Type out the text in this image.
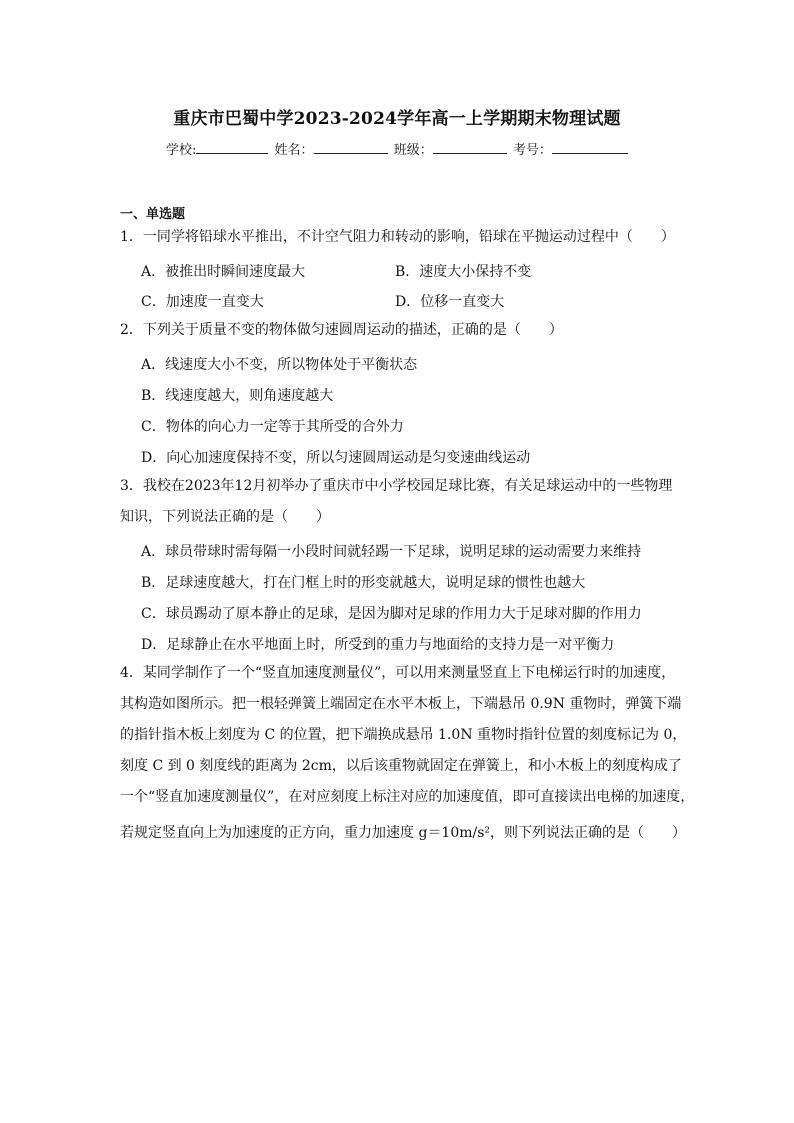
重庆市巴蜀中学2023-2024学年高一上学期期末物理试题
学校:	姓名：	班级：	考号：
一、单选题
1．一同学将铅球水平推出，不计空气阻力和转动的影响，铅球在平抛运动过程中（　　）
A．被推出时瞬间速度最大	B．速度大小保持不变
C．加速度一直变大	D．位移一直变大
2．下列关于质量不变的物体做匀速圆周运动的描述，正确的是（　　）
A．线速度大小不变，所以物体处于平衡状态
B．线速度越大，则角速度越大
C．物体的向心力一定等于其所受的合外力
D．向心加速度保持不变，所以匀速圆周运动是匀变速曲线运动
3．我校在2023年12月初举办了重庆市中小学校园足球比赛，有关足球运动中的一些物理
知识，下列说法正确的是（　　）
A．球员带球时需每隔一小段时间就轻踢一下足球，说明足球的运动需要力来维持
B．足球速度越大，打在门框上时的形变就越大，说明足球的惯性也越大
C．球员踢动了原本静止的足球，是因为脚对足球的作用力大于足球对脚的作用力
D．足球静止在水平地面上时，所受到的重力与地面给的支持力是一对平衡力
4．某同学制作了一个“竖直加速度测量仪”，可以用来测量竖直上下电梯运行时的加速度，
其构造如图所示。把一根轻弹簧上端固定在水平木板上，下端悬吊 0.9N 重物时，弹簧下端
的指针指木板上刻度为 C 的位置，把下端换成悬吊 1.0N 重物时指针位置的刻度标记为 0，
刻度 C 到 0 刻度线的距离为 2cm，以后该重物就固定在弹簧上，和小木板上的刻度构成了
一个“竖直加速度测量仪”，在对应刻度上标注对应的加速度值，即可直接读出电梯的加速度，
若规定竖直向上为加速度的正方向，重力加速度 g＝10m/s²，则下列说法正确的是（　　）
